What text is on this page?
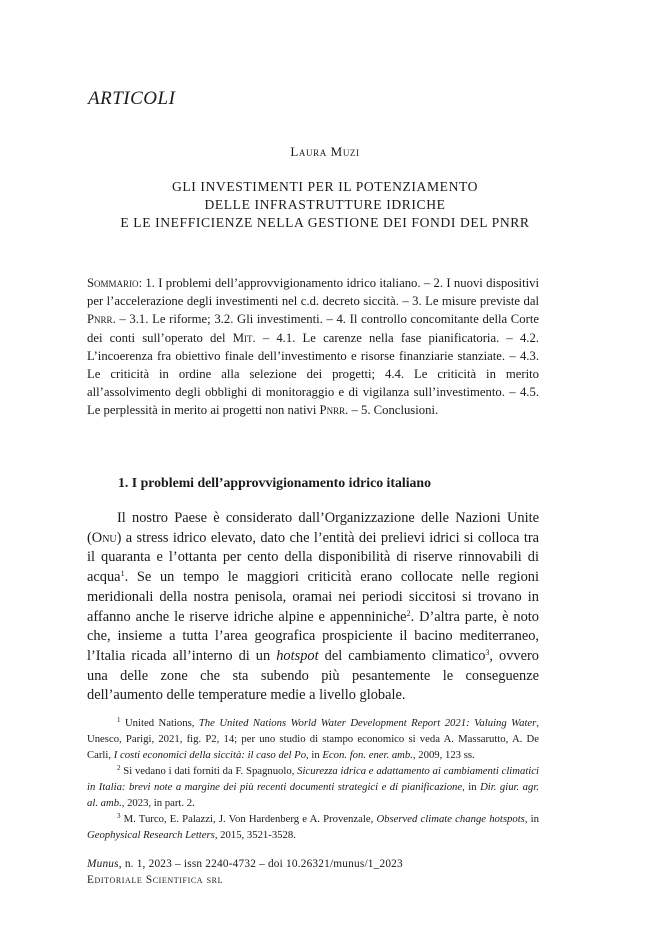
ARTICOLI
Laura Muzi
GLI INVESTIMENTI PER IL POTENZIAMENTO
DELLE INFRASTRUTTURE IDRICHE
E LE INEFFICIENZE NELLA GESTIONE DEI FONDI DEL PNRR
Sommario: 1. I problemi dell’approvvigionamento idrico italiano. – 2. I nuovi dispositivi per l’accelerazione degli investimenti nel c.d. decreto siccità. – 3. Le misure previste dal Pnrr. – 3.1. Le riforme; 3.2. Gli investimenti. – 4. Il controllo concomitante della Corte dei conti sull’operato del Mit. – 4.1. Le carenze nella fase pianificatoria. – 4.2. L’incoerenza fra obiettivo finale dell’investimento e risorse finanziarie stanziate. – 4.3. Le criticità in ordine alla selezione dei progetti; 4.4. Le criticità in merito all’assolvimento degli obblighi di monitoraggio e di vigilanza sull’investimento. – 4.5. Le perplessità in merito ai progetti non nativi Pnrr. – 5. Conclusioni.
1. I problemi dell’approvvigionamento idrico italiano

Il nostro Paese è considerato dall’Organizzazione delle Nazioni Unite (Onu) a stress idrico elevato, dato che l’entità dei prelievi idrici si colloca tra il quaranta e l’ottanta per cento della disponibilità di riserve rinnovabili di acqua$^1$. Se un tempo le maggiori criticità erano collocate nelle regioni meridionali della nostra penisola, oramai nei periodi siccitosi si trovano in affanno anche le riserve idriche alpine e appenniniche$^2$. D’altra parte, è noto che, insieme a tutta l’area geografica prospiciente il bacino mediterraneo, l’Italia ricada all’interno di un hotspot del cambiamento climatico$^3$, ovvero una delle zone che sta subendo più pesantemente le conseguenze dell’aumento delle temperature medie a livello globale.

$^1$ United Nations, The United Nations World Water Development Report 2021: Valuing Water, Unesco, Parigi, 2021, fig. P2, 14; per uno studio di stampo economico si veda A. Massarutto, A. De Carli, I costi economici della siccità: il caso del Po, in Econ. fon. ener. amb., 2009, 123 ss.

$^2$ Si vedano i dati forniti da F. Spagnuolo, Sicurezza idrica e adattamento ai cambiamenti climatici in Italia: brevi note a margine dei più recenti documenti strategici e di pianificazione, in Dir. giur. agr. al. amb., 2023, in part. 2.

$^3$ M. Turco, E. Palazzi, J. Von Hardenberg e A. Provenzale, Observed climate change hotspots, in Geophysical Research Letters, 2015, 3521-3528.

Munus, n. 1, 2023 – issn 2240-4732 – doi 10.26321/munus/1_2023
Editoriale Scientifica srl
